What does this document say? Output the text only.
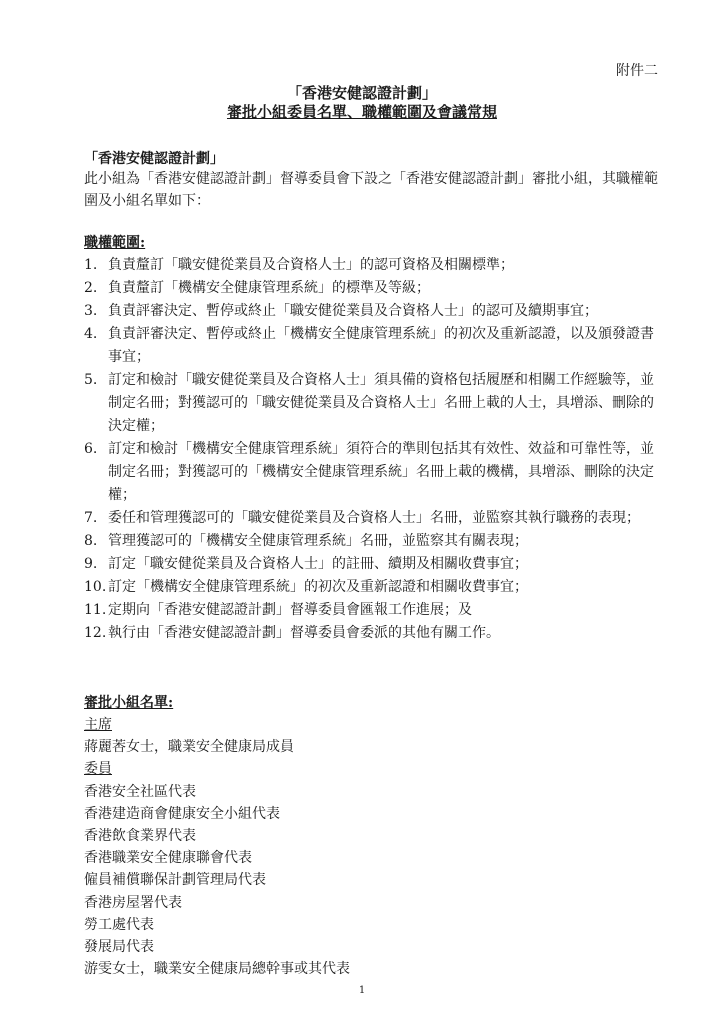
附件二
「香港安健認證計劃」
審批小組委員名單、職權範圍及會議常規
「香港安健認證計劃」
此小組為「香港安健認證計劃」督導委員會下設之「香港安健認證計劃」審批小組，其職權範圍及小組名單如下：
職權範圍:
1. 負責釐訂「職安健從業員及合資格人士」的認可資格及相關標準；
2. 負責釐訂「機構安全健康管理系統」的標準及等級；
3. 負責評審決定、暫停或終止「職安健從業員及合資格人士」的認可及續期事宜；
4. 負責評審決定、暫停或終止「機構安全健康管理系統」的初次及重新認證，以及頒發證書事宜；
5. 訂定和檢討「職安健從業員及合資格人士」須具備的資格包括履歷和相關工作經驗等，並制定名冊；對獲認可的「職安健從業員及合資格人士」名冊上載的人士，具增添、刪除的決定權；
6. 訂定和檢討「機構安全健康管理系統」須符合的準則包括其有效性、效益和可靠性等，並制定名冊；對獲認可的「機構安全健康管理系統」名冊上載的機構，具增添、刪除的決定權；
7. 委任和管理獲認可的「職安健從業員及合資格人士」名冊，並監察其執行職務的表現；
8. 管理獲認可的「機構安全健康管理系統」名冊，並監察其有關表現；
9. 訂定「職安健從業員及合資格人士」的註冊、續期及相關收費事宜；
10. 訂定「機構安全健康管理系統」的初次及重新認證和相關收費事宜；
11. 定期向「香港安健認證計劃」督導委員會匯報工作進展；及
12. 執行由「香港安健認證計劃」督導委員會委派的其他有關工作。
審批小組名單:
主席
蔣麗莕女士，職業安全健康局成員
委員
香港安全社區代表
香港建造商會健康安全小組代表
香港飲食業界代表
香港職業安全健康聯會代表
僱員補償聯保計劃管理局代表
香港房屋署代表
勞工處代表
發展局代表
游雯女士，職業安全健康局總幹事或其代表
1
